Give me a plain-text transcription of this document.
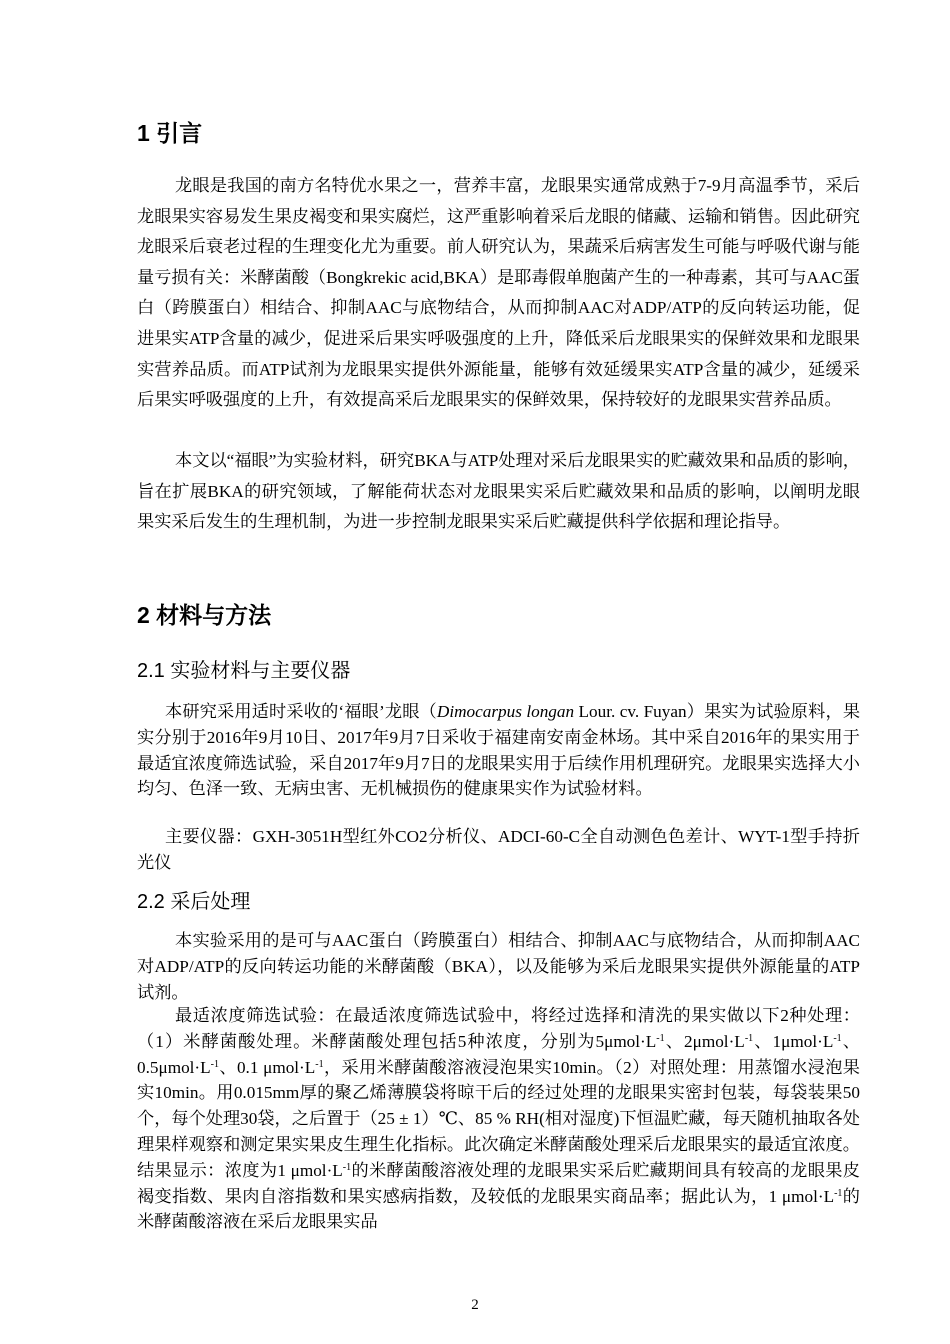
1 引言

龙眼是我国的南方名特优水果之一，营养丰富，龙眼果实通常成熟于7-9月高温季节，采后龙眼果实容易发生果皮褐变和果实腐烂，这严重影响着采后龙眼的储藏、运输和销售。因此研究龙眼采后衰老过程的生理变化尤为重要。前人研究认为，果蔬采后病害发生可能与呼吸代谢与能量亏损有关：米酵菌酸（Bongkrekic acid,BKA）是耶毒假单胞菌产生的一种毒素，其可与AAC蛋白（跨膜蛋白）相结合、抑制AAC与底物结合，从而抑制AAC对ADP/ATP的反向转运功能，促进果实ATP含量的减少，促进采后果实呼吸强度的上升，降低采后龙眼果实的保鲜效果和龙眼果实营养品质。而ATP试剂为龙眼果实提供外源能量，能够有效延缓果实ATP含量的减少，延缓采后果实呼吸强度的上升，有效提高采后龙眼果实的保鲜效果，保持较好的龙眼果实营养品质。

本文以“福眼”为实验材料，研究BKA与ATP处理对采后龙眼果实的贮藏效果和品质的影响，旨在扩展BKA的研究领域，了解能荷状态对龙眼果实采后贮藏效果和品质的影响，以阐明龙眼果实采后发生的生理机制，为进一步控制龙眼果实采后贮藏提供科学依据和理论指导。

2 材料与方法
2.1 实验材料与主要仪器

本研究采用适时采收的‘福眼’龙眼（Dimocarpus longan Lour. cv. Fuyan）果实为试验原料，果实分别于2016年9月10日、2017年9月7日采收于福建南安南金林场。其中采自2016年的果实用于最适宜浓度筛选试验，采自2017年9月7日的龙眼果实用于后续作用机理研究。龙眼果实选择大小均匀、色泽一致、无病虫害、无机械损伤的健康果实作为试验材料。

主要仪器：GXH-3051H型红外CO2分析仪、ADCI-60-C全自动测色色差计、WYT-1型手持折光仪

2.2 采后处理

本实验采用的是可与AAC蛋白（跨膜蛋白）相结合、抑制AAC与底物结合，从而抑制AAC对ADP/ATP的反向转运功能的米酵菌酸（BKA），以及能够为采后龙眼果实提供外源能量的ATP试剂。

最适浓度筛选试验：在最适浓度筛选试验中，将经过选择和清洗的果实做以下2种处理：（1）米酵菌酸处理。米酵菌酸处理包括5种浓度，分别为$5\mu mol\cdot L^{-1}$、$2\mu mol\cdot L^{-1}$、$1\mu mol\cdot L^{-1}$、$0.5\mu mol\cdot L^{-1}$、0.1 $\mu mol\cdot L^{-1}$，采用米酵菌酸溶液浸泡果实10min。（2）对照处理：用蒸馏水浸泡果实10min。用0.015mm厚的聚乙烯薄膜袋将晾干后的经过处理的龙眼果实密封包装，每袋装果50个，每个处理30袋，之后置于（25 ± 1）℃、85 % RH(相对湿度)下恒温贮藏，每天随机抽取各处理果样观察和测定果实果皮生理生化指标。此次确定米酵菌酸处理采后龙眼果实的最适宜浓度。结果显示：浓度为1 $\mu mol\cdot L^{-1}$的米酵菌酸溶液处理的龙眼果实采后贮藏期间具有较高的龙眼果皮褐变指数、果肉自溶指数和果实感病指数，及较低的龙眼果实商品率；据此认为，1 $\mu mol\cdot L^{-1}$的米酵菌酸溶液在采后龙眼果实品

2
